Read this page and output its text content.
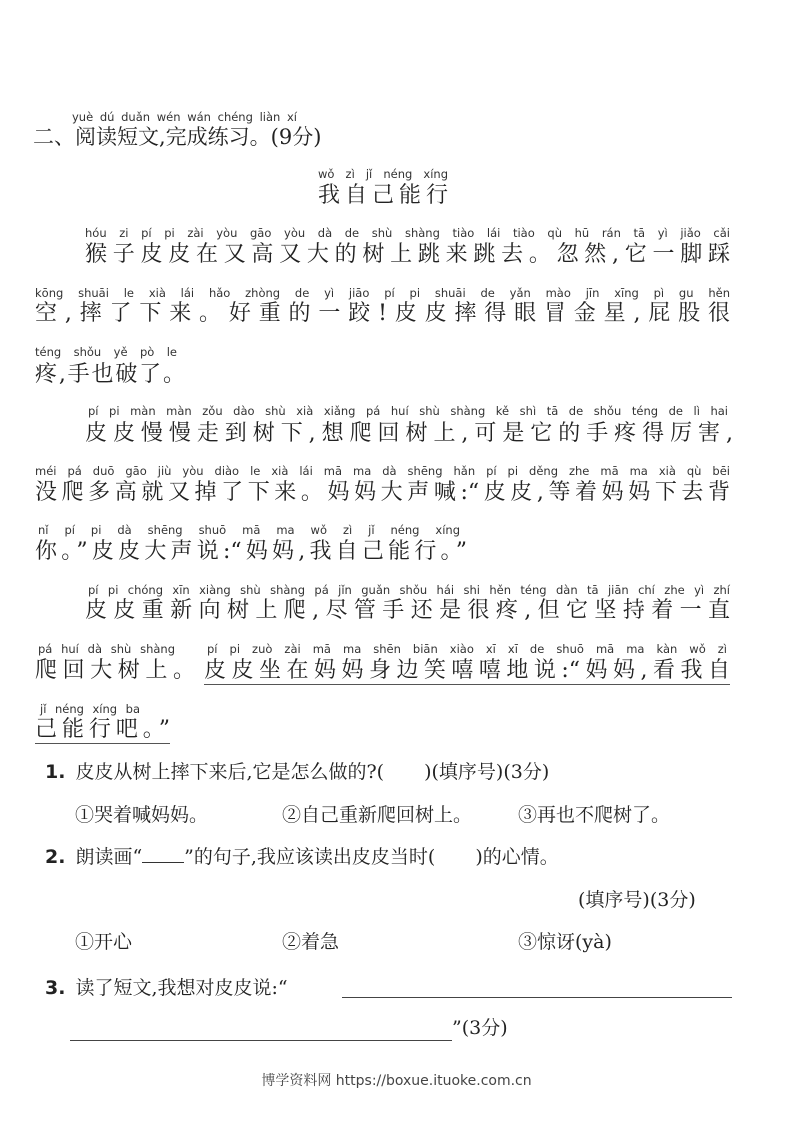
yuè dú duǎn wén wán chéng liàn xí
二、阅读短文,完成练习。(9分)
wǒ zì jǐ néng xíng
我自己能行
hóu zi pí pi zài yòu gāo yòu dà de shù shàng tiào lái tiào qù hū rán tā yì jiǎo cǎi
猴子皮皮在又高又大的树上跳来跳去。忽然,它一脚踩
kōng shuāi le xià lái hǎo zhòng de yì jiāo pí pi shuāi de yǎn mào jīn xīng pì gu hěn
空,摔了下来。好重的一跤!皮皮摔得眼冒金星,屁股很
téng shǒu yě pò le
疼,手也破了。
pí pi màn màn zǒu dào shù xià xiǎng pá huí shù shàng kě shì tā de shǒu téng de lì hai
皮皮慢慢走到树下,想爬回树上,可是它的手疼得厉害,
méi pá duō gāo jiù yòu diào le xià lái mā ma dà shēng hǎn pí pi děng zhe mā ma xià qù bēi
没爬多高就又掉了下来。妈妈大声喊:“皮皮,等着妈妈下去背
nǐ pí pi dà shēng shuō mā ma wǒ zì jǐ néng xíng
你。”皮皮大声说:“妈妈,我自己能行。”
pí pi chóng xīn xiàng shù shàng pá jǐn guǎn shǒu hái shi hěn téng dàn tā jiān chí zhe yì zhí
皮皮重新向树上爬,尽管手还是很疼,但它坚持着一直
pá huí dà shù shàng
爬回大树上。
pí pi zuò zài mā ma shēn biān xiào xī xī de shuō mā ma kàn wǒ zì
皮皮坐在妈妈身边笑嘻嘻地说:“妈妈,看我自
jǐ néng xíng ba
己能行吧。”
1. 皮皮从树上摔下来后,它是怎么做的?( )(填序号)(3分)
①哭着喊妈妈。	②自己重新爬回树上。 ③再也不爬树了。
2. 朗读画“ ”的句子,我应该读出皮皮当时( )的心情。
(填序号)(3分)
①开心	②着急	③惊讶(yà)
3. 读了短文,我想对皮皮说:“
”(3分)
博学资料网 https://boxue.ituoke.com.cn
